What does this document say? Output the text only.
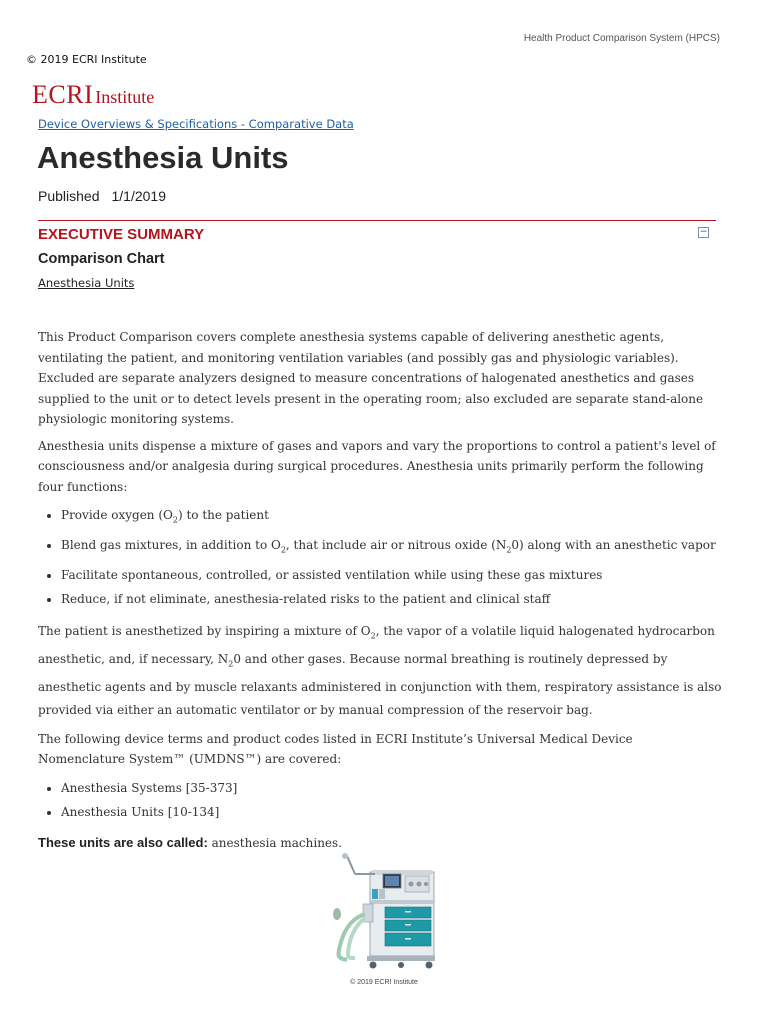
Health Product Comparison System (HPCS)
© 2019 ECRI Institute
ECRI Institute
Device Overviews & Specifications - Comparative Data
Anesthesia Units
Published 1/1/2019
−
EXECUTIVE SUMMARY
Comparison Chart
Anesthesia Units

This Product Comparison covers complete anesthesia systems capable of delivering anesthetic agents, ventilating the patient, and monitoring ventilation variables (and possibly gas and physiologic variables). Excluded are separate analyzers designed to measure concentrations of halogenated anesthetics and gases supplied to the unit or to detect levels present in the operating room; also excluded are separate stand-alone physiologic monitoring systems.

Anesthesia units dispense a mixture of gases and vapors and vary the proportions to control a patient's level of consciousness and/or analgesia during surgical procedures. Anesthesia units primarily perform the following four functions:

• Provide oxygen $(O_2)$ to the patient
• Blend gas mixtures, in addition to $O_2$, that include air or nitrous oxide $(N_20)$ along with an anesthetic vapor
• Facilitate spontaneous, controlled, or assisted ventilation while using these gas mixtures
• Reduce, if not eliminate, anesthesia-related risks to the patient and clinical staff

The patient is anesthetized by inspiring a mixture of $O_2$, the vapor of a volatile liquid halogenated hydrocarbon anesthetic, and, if necessary, $N_20$ and other gases. Because normal breathing is routinely depressed by anesthetic agents and by muscle relaxants administered in conjunction with them, respiratory assistance is also provided via either an automatic ventilator or by manual compression of the reservoir bag.

The following device terms and product codes listed in ECRI Institute’s Universal Medical Device Nomenclature System™ (UMDNS™) are covered:

• Anesthesia Systems [35-373]
• Anesthesia Units [10-134]

These units are also called: anesthesia machines.

© 2019 ECRI Institute
